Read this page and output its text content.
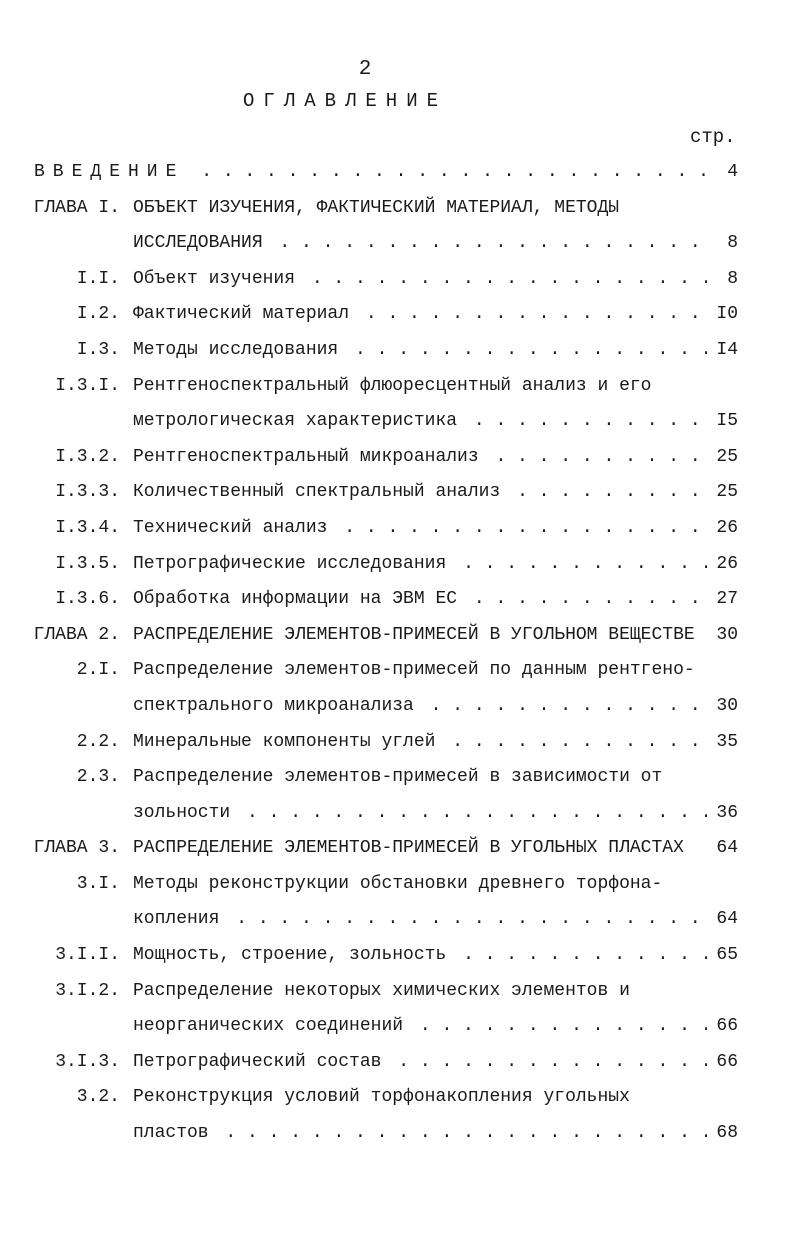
2
ОГЛАВЛЕНИЕ
стр.
ВВЕДЕНИЕ . . .	4
ГЛАВА I. ОБЪЕКТ ИЗУЧЕНИЯ, ФАКТИЧЕСКИЙ МАТЕРИАЛ, МЕТОДЫ
ИССЛЕДОВАНИЯ . . .	8
I.I. Объект изучения . . .	8
I.2. Фактический материал . . .	I0
I.3. Методы исследования . . .	I4
I.3.I. Рентгеноспектральный флюоресцентный анализ и его
метрологическая характеристика . . .	I5
I.3.2. Рентгеноспектральный микроанализ . . .	25
I.3.3. Количественный спектральный анализ . . .	25
I.3.4. Технический анализ . . .	26
I.3.5. Петрографические исследования . . .	26
I.3.6. Обработка информации на ЭВМ ЕС . . .	27
ГЛАВА 2. РАСПРЕДЕЛЕНИЕ ЭЛЕМЕНТОВ-ПРИМЕСЕЙ В УГОЛЬНОМ ВЕЩЕСТВЕ	30
2.I. Распределение элементов-примесей по данным рентгено-
спектрального микроанализа . . .	30
2.2. Минеральные компоненты углей . . .	35
2.3. Распределение элементов-примесей в зависимости от
зольности . . .	36
ГЛАВА 3. РАСПРЕДЕЛЕНИЕ ЭЛЕМЕНТОВ-ПРИМЕСЕЙ В УГОЛЬНЫХ ПЛАСТАХ	64
3.I. Методы реконструкции обстановки древнего торфона-
копления . . .	64
3.I.I. Мощность, строение, зольность . . .	65
3.I.2. Распределение некоторых химических элементов и
неорганических соединений . . .	66
3.I.3. Петрографический состав . . .	66
3.2. Реконструкция условий торфонакопления угольных
пластов . . .	68
